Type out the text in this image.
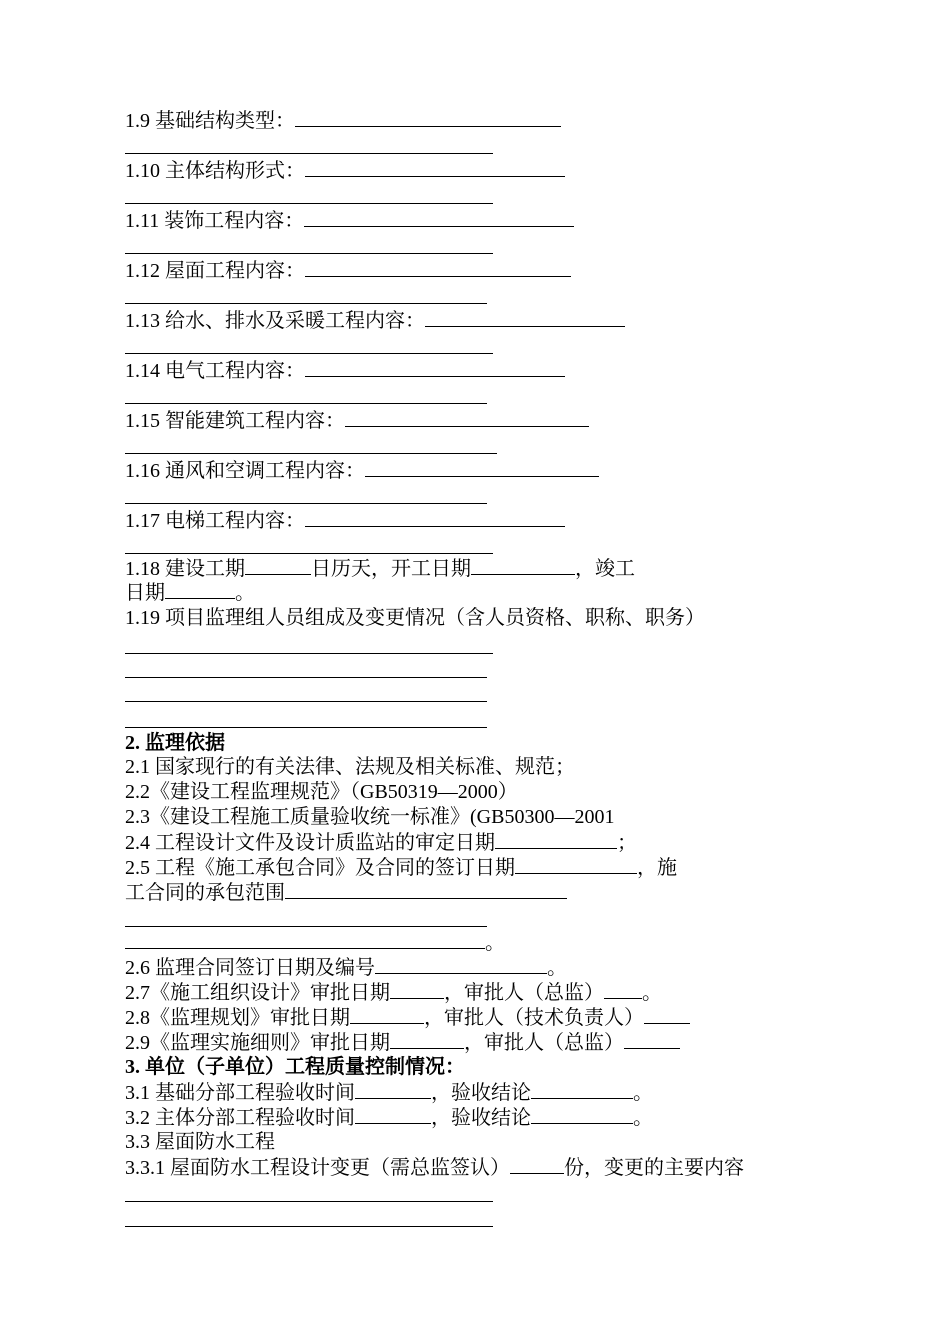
1.9 基础结构类型：
1.10 主体结构形式：
1.11 装饰工程内容：
1.12 屋面工程内容：
1.13 给水、排水及采暖工程内容：
1.14 电气工程内容：
1.15 智能建筑工程内容：
1.16 通风和空调工程内容：
1.17 电梯工程内容：
1.18 建设工期	日历天，开工日期	，竣工
日期	。
1.19 项目监理组人员组成及变更情况（含人员资格、职称、职务）
2. 监理依据
2.1 国家现行的有关法律、法规及相关标准、规范；
2.2《建设工程监理规范》（GB50319—2000）
2.3《建设工程施工质量验收统一标准》(GB50300—2001
2.4 工程设计文件及设计质监站的审定日期	；
2.5 工程《施工承包合同》及合同的签订日期	，施
工合同的承包范围
。
2.6 监理合同签订日期及编号	。
2.7《施工组织设计》审批日期	，审批人（总监） 。
2.8《监理规划》审批日期	，审批人（技术负责人）
2.9《监理实施细则》审批日期	，审批人（总监）
3. 单位（子单位）工程质量控制情况：
3.1 基础分部工程验收时间	，验收结论	。
3.2 主体分部工程验收时间	，验收结论	。
3.3 屋面防水工程
3.3.1 屋面防水工程设计变更（需总监签认）	份，变更的主要内容
